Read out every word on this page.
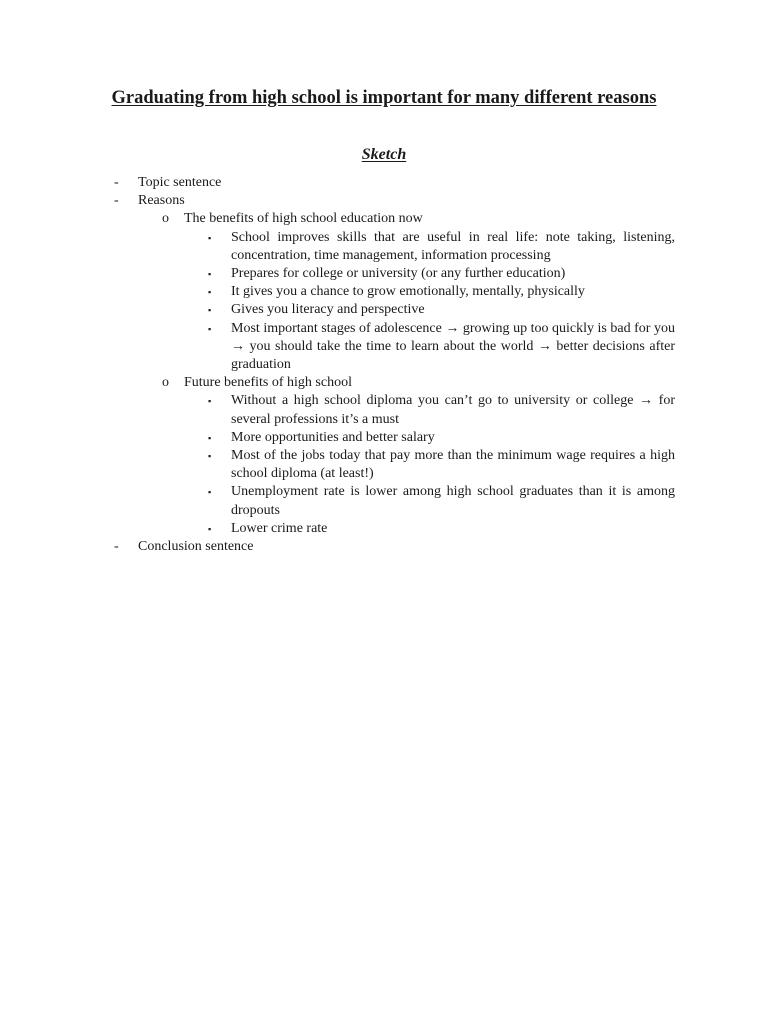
Graduating from high school is important for many different reasons
Sketch
- Topic sentence
- Reasons
o The benefits of high school education now
▪ School improves skills that are useful in real life: note taking, listening, concentration, time management, information processing
▪ Prepares for college or university (or any further education)
▪ It gives you a chance to grow emotionally, mentally, physically
▪ Gives you literacy and perspective
▪ Most important stages of adolescence → growing up too quickly is bad for you → you should take the time to learn about the world → better decisions after graduation
o Future benefits of high school
▪ Without a high school diploma you can’t go to university or college → for several professions it’s a must
▪ More opportunities and better salary
▪ Most of the jobs today that pay more than the minimum wage requires a high school diploma (at least!)
▪ Unemployment rate is lower among high school graduates than it is among dropouts
▪ Lower crime rate
- Conclusion sentence
